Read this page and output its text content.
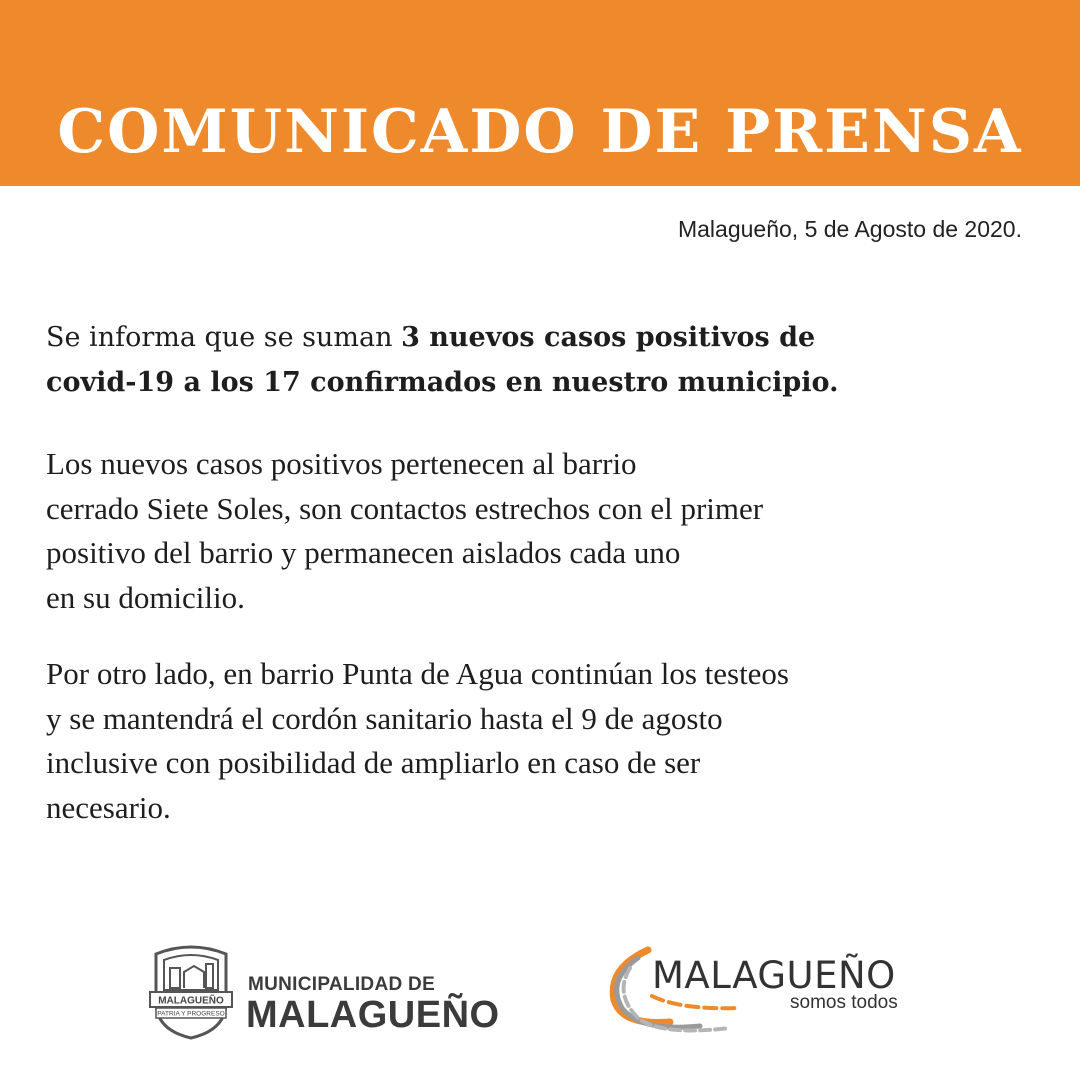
COMUNICADO DE PRENSA
Malagueño, 5 de Agosto de 2020.
Se informa que se suman 3 nuevos casos positivos de
covid-19 a los 17 confirmados en nuestro municipio.
Los nuevos casos positivos pertenecen al barrio
cerrado Siete Soles, son contactos estrechos con el primer
positivo del barrio y permanecen aislados cada uno
en su domicilio.
Por otro lado, en barrio Punta de Agua continúan los testeos
y se mantendrá el cordón sanitario hasta el 9 de agosto
inclusive con posibilidad de ampliarlo en caso de ser
necesario.
MALAGUEÑO
PATRIA Y PROGRESO
MUNICIPALIDAD DE
MALAGUEÑO
MALAGUEÑO
somos todos
